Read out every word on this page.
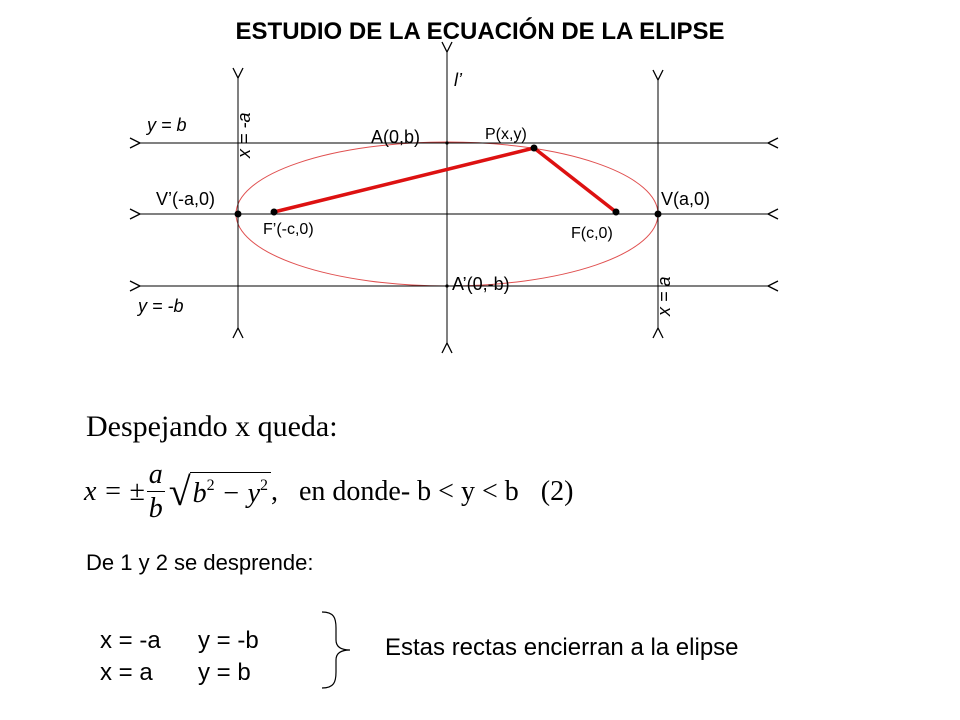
ESTUDIO DE LA ECUACIÓN DE LA ELIPSE
l’
y = b
y = -b
x = -a
x = a
A(0,b)
A’(0,-b)
P(x,y)
V(a,0)
V’(-a,0)
F(c,0)
F’(-c,0)
Despejando x queda:
x = ± $\frac{a}{b}$ √ $b^2 - y^2$ ,   en donde- b < y < b (2)
De 1 y 2 se desprende:
x = -a y = -b
x = a y = b
Estas rectas encierran a la elipse
